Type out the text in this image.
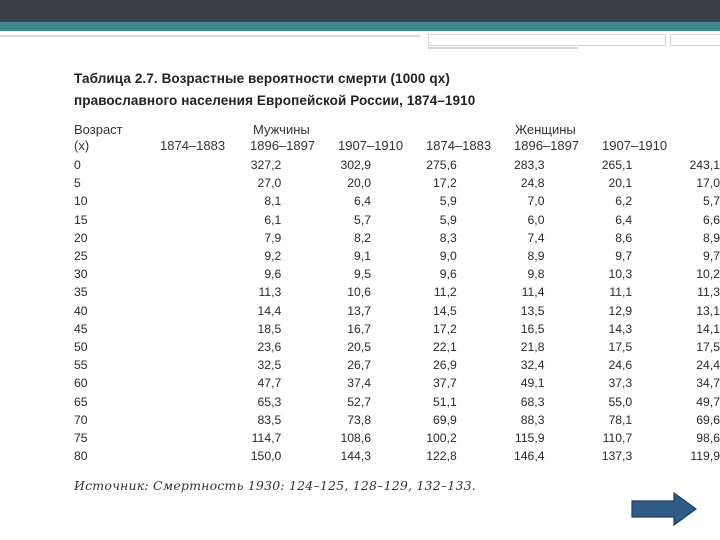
Таблица 2.7. Возрастные вероятности смерти (1000 qx)
православного населения Европейской России, 1874–1910
Возраст
(x)
Мужчины	Женщины
1874–1883 1896–1897 1907–1910 1874–1883 1896–1897 1907–1910
0	327,2	302,9	275,6	283,3	265,1	243,1
5	27,0	20,0	17,2	24,8	20,1	17,0
10	8,1	6,4	5,9	7,0	6,2	5,7
15	6,1	5,7	5,9	6,0	6,4	6,6
20	7,9	8,2	8,3	7,4	8,6	8,9
25	9,2	9,1	9,0	8,9	9,7	9,7
30	9,6	9,5	9,6	9,8	10,3	10,2
35	11,3	10,6	11,2	11,4	11,1	11,3
40	14,4	13,7	14,5	13,5	12,9	13,1
45	18,5	16,7	17,2	16,5	14,3	14,1
50	23,6	20,5	22,1	21,8	17,5	17,5
55	32,5	26,7	26,9	32,4	24,6	24,4
60	47,7	37,4	37,7	49,1	37,3	34,7
65	65,3	52,7	51,1	68,3	55,0	49,7
70	83,5	73,8	69,9	88,3	78,1	69,6
75	114,7	108,6	100,2	115,9	110,7	98,6
80	150,0	144,3	122,8	146,4	137,3	119,9
Источник: Смертность 1930: 124–125, 128–129, 132–133.
